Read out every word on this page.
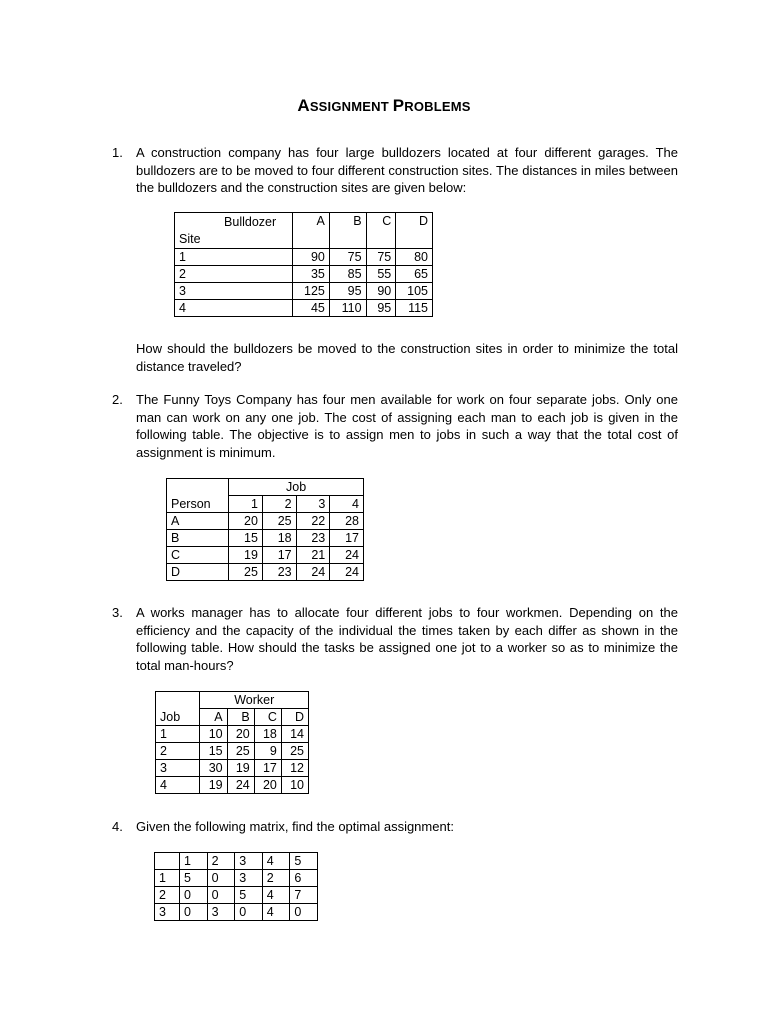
ASSIGNMENT PROBLEMS
1.	A construction company has four large bulldozers located at four different garages. The bulldozers are to be moved to four different construction sites. The distances in miles between the bulldozers and the construction sites are given below:
Bulldozer	A	B	C	D
Site				
1	90	75	75	80
2	35	85	55	65
3	125	95	90	105
4	45	110	95	115
How should the bulldozers be moved to the construction sites in order to minimize the total distance traveled?
2.	The Funny Toys Company has four men available for work on four separate jobs. Only one man can work on any one job. The cost of assigning each man to each job is given in the following table. The objective is to assign men to jobs in such a way that the total cost of assignment is minimum.
	Job			
Person	1	2	3	4
A	20	25	22	28
B	15	18	23	17
C	19	17	21	24
D	25	23	24	24
3.	A works manager has to allocate four different jobs to four workmen. Depending on the efficiency and the capacity of the individual the times taken by each differ as shown in the following table. How should the tasks be assigned one jot to a worker so as to minimize the total man-hours?
	Worker			
Job	A	B	C	D
1	10	20	18	14
2	15	25	9	25
3	30	19	17	12
4	19	24	20	10
4.	Given the following matrix, find the optimal assignment:
	1	2	3	4	5
1	5	0	3	2	6
2	0	0	5	4	7
3	0	3	0	4	0
